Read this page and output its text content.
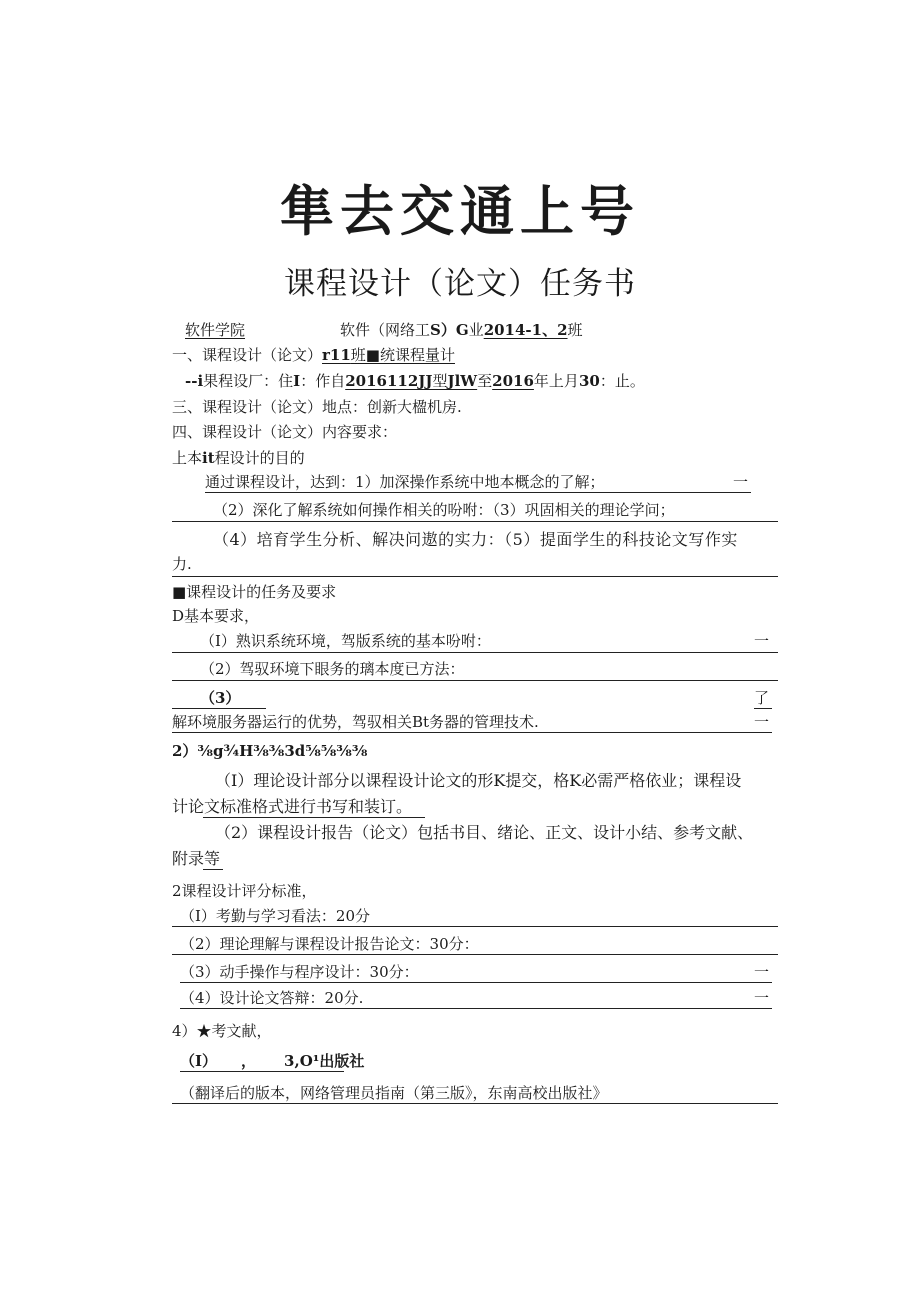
隼去交通上号
课程设计（论文）任务书
软件学院	软件（网络工S）G业2014-1、2班
一、课程设计（论文）r11班■统课程量计
--i果程设厂：住I：作自2016112JJ型JlW至2016年上月30：止。
三、课程设计（论文）地点：创新大楹机房.
四、课程设计（论文）内容要求：
上本it程设计的目的
通过课程设计，达到：1）加深操作系统中地本概念的了解；	一
（2）深化了解系统如何操作相关的吩咐：（3）巩固相关的理论学问；
（4）培育学生分析、解决问遨的实力：（5）提面学生的科技论文写作实
力.
■课程设计的任务及要求
D基本要求，
（I）熟识系统环境，驾版系统的基本吩咐：	一
（2）驾驭环境下眼务的璃本度已方法：
（3）	了
解环境服务器运行的优势，驾驭相关Bt务器的管理技术.	一
2）⅜g¾H⅜⅜3d⅝⅝⅜⅜
（I）理论设计部分以课程设计论文的形K提交，格K必需严格依业；课程设
计论文标准格式进行书写和装订。
（2）课程设计报告（论文）包括书目、绪论、正文、设计小结、参考文献、
附录等
2课程设计评分标准，
（I）考勤与学习看法：20分
（2）理论理解与课程设计报告论文：30分：
（3）动手操作与程序设计：30分：	一
（4）设计论文答辩：20分.	一
4）★考文献，
（I） ， 3,O¹出版社
（翻译后的版本，网络管理员指南（第三版》，东南高校出版社》
